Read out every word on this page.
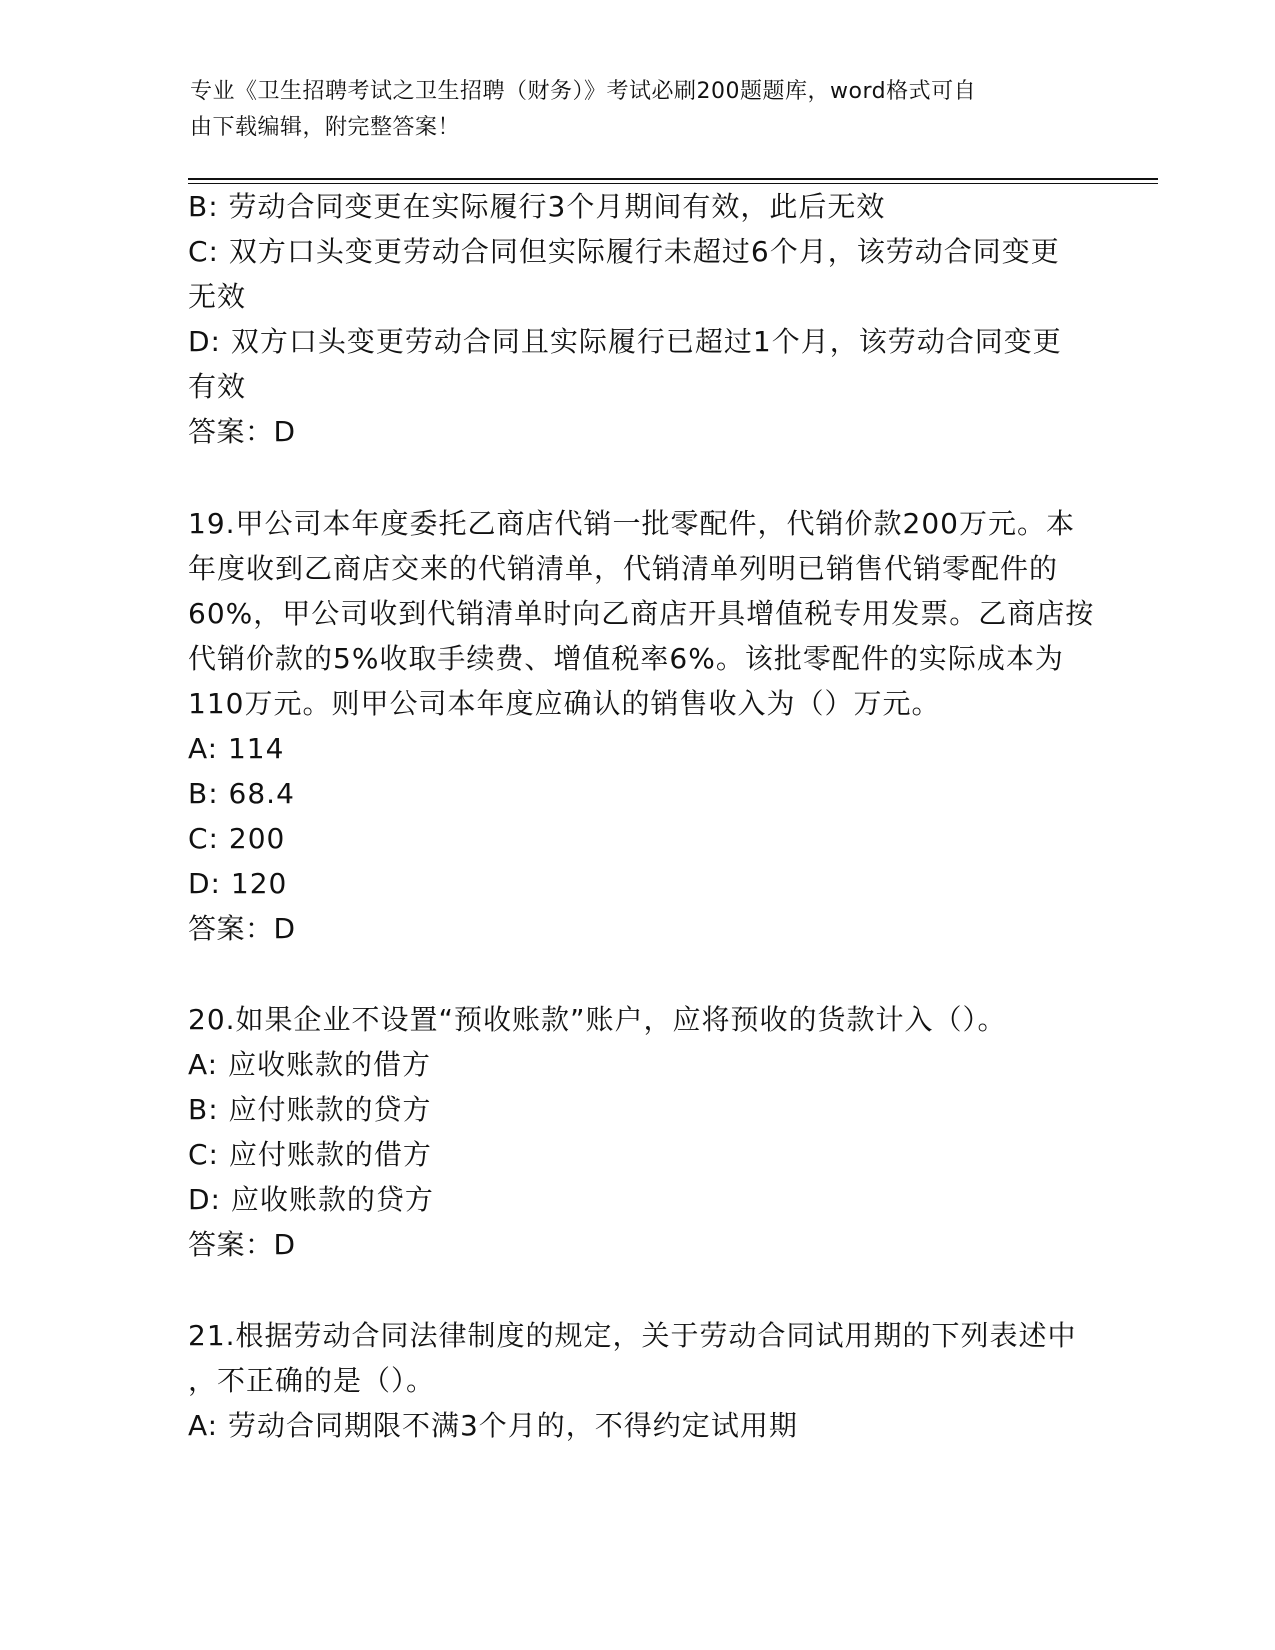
专业《卫生招聘考试之卫生招聘（财务）》考试必刷200题题库，word格式可自
由下载编辑，附完整答案！
B: 劳动合同变更在实际履行3个月期间有效，此后无效
C: 双方口头变更劳动合同但实际履行未超过6个月，该劳动合同变更
无效
D: 双方口头变更劳动合同且实际履行已超过1个月，该劳动合同变更
有效
答案：D
19.甲公司本年度委托乙商店代销一批零配件，代销价款200万元。本
年度收到乙商店交来的代销清单，代销清单列明已销售代销零配件的
60%，甲公司收到代销清单时向乙商店开具增值税专用发票。乙商店按
代销价款的5%收取手续费、增值税率6%。该批零配件的实际成本为
110万元。则甲公司本年度应确认的销售收入为（）万元。
A: 114
B: 68.4
C: 200
D: 120
答案：D
20.如果企业不设置“预收账款”账户，应将预收的货款计入（）。
A: 应收账款的借方
B: 应付账款的贷方
C: 应付账款的借方
D: 应收账款的贷方
答案：D
21.根据劳动合同法律制度的规定，关于劳动合同试用期的下列表述中
，不正确的是（）。
A: 劳动合同期限不满3个月的，不得约定试用期
